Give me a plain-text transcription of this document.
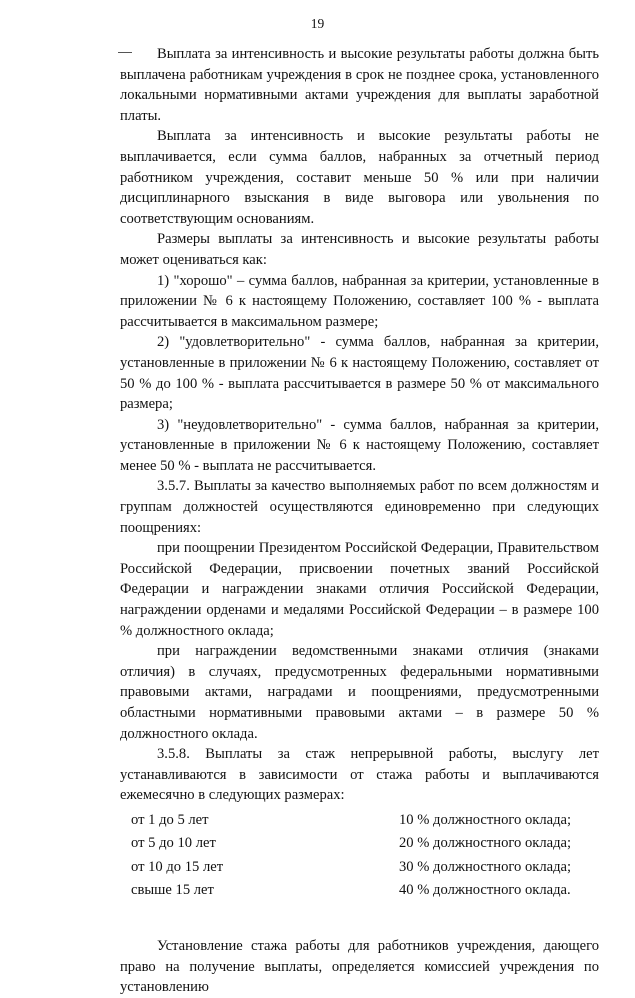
19

Выплата за интенсивность и высокие результаты работы должна быть выплачена работникам учреждения в срок не позднее срока, установленного локальными нормативными актами учреждения для выплаты заработной платы.

Выплата за интенсивность и высокие результаты работы не выплачивается, если сумма баллов, набранных за отчетный период работником учреждения, составит меньше 50 % или при наличии дисциплинарного взыскания в виде выговора или увольнения по соответствующим основаниям.

Размеры выплаты за интенсивность и высокие результаты работы может оцениваться как:

1) "хорошо" – сумма баллов, набранная за критерии, установленные в приложении № 6 к настоящему Положению, составляет 100 % - выплата рассчитывается в максимальном размере;

2) "удовлетворительно" - сумма баллов, набранная за критерии, установленные в приложении № 6 к настоящему Положению, составляет от 50 % до 100 % - выплата рассчитывается в размере 50 % от максимального размера;

3) "неудовлетворительно" - сумма баллов, набранная за критерии, установленные в приложении № 6 к настоящему Положению, составляет менее 50 % - выплата не рассчитывается.

3.5.7. Выплаты за качество выполняемых работ по всем должностям и группам должностей осуществляются единовременно при следующих поощрениях:

при поощрении Президентом Российской Федерации, Правительством Российской Федерации, присвоении почетных званий Российской Федерации и награждении знаками отличия Российской Федерации, награждении орденами и медалями Российской Федерации – в размере 100 % должностного оклада;

при награждении ведомственными знаками отличия (знаками отличия) в случаях, предусмотренных федеральными нормативными правовыми актами, наградами и поощрениями, предусмотренными областными нормативными правовыми актами – в размере 50 % должностного оклада.

3.5.8. Выплаты за стаж непрерывной работы, выслугу лет устанавливаются в зависимости от стажа работы и выплачиваются ежемесячно в следующих размерах:

от 1 до 5 лет	10 % должностного оклада;
от 5 до 10 лет	20 % должностного оклада;
от 10 до 15 лет	30 % должностного оклада;
свыше 15 лет	40 % должностного оклада.

Установление стажа работы для работников учреждения, дающего право на получение выплаты, определяется комиссией учреждения по установлению
